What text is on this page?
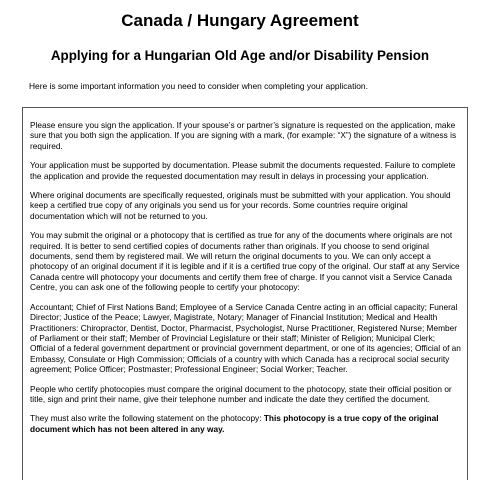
Canada / Hungary Agreement
Applying for a Hungarian Old Age and/or Disability Pension

Here is some important information you need to consider when completing your application.

Please ensure you sign the application. If your spouse’s or partner’s signature is requested on the application, make sure that you both sign the application. If you are signing with a mark, (for example: “X”) the signature of a witness is required.

Your application must be supported by documentation. Please submit the documents requested. Failure to complete the application and provide the requested documentation may result in delays in processing your application.

Where original documents are specifically requested, originals must be submitted with your application. You should keep a certified true copy of any originals you send us for your records. Some countries require original documentation which will not be returned to you.

You may submit the original or a photocopy that is certified as true for any of the documents where originals are not required. It is better to send certified copies of documents rather than originals. If you choose to send original documents, send them by registered mail. We will return the original documents to you. We can only accept a photocopy of an original document if it is legible and if it is a certified true copy of the original. Our staff at any Service Canada centre will photocopy your documents and certify them free of charge. If you cannot visit a Service Canada Centre, you can ask one of the following people to certify your photocopy:

Accountant; Chief of First Nations Band; Employee of a Service Canada Centre acting in an official capacity; Funeral Director; Justice of the Peace; Lawyer, Magistrate, Notary; Manager of Financial Institution; Medical and Health Practitioners: Chiropractor, Dentist, Doctor, Pharmacist, Psychologist, Nurse Practitioner, Registered Nurse; Member of Parliament or their staff; Member of Provincial Legislature or their staff; Minister of Religion; Municipal Clerk; Official of a federal government department or provincial government department, or one of its agencies; Official of an Embassy, Consulate or High Commission; Officials of a country with which Canada has a reciprocal social security agreement; Police Officer; Postmaster; Professional Engineer; Social Worker; Teacher.

People who certify photocopies must compare the original document to the photocopy, state their official position or title, sign and print their name, give their telephone number and indicate the date they certified the document.

They must also write the following statement on the photocopy: This photocopy is a true copy of the original document which has not been altered in any way.
